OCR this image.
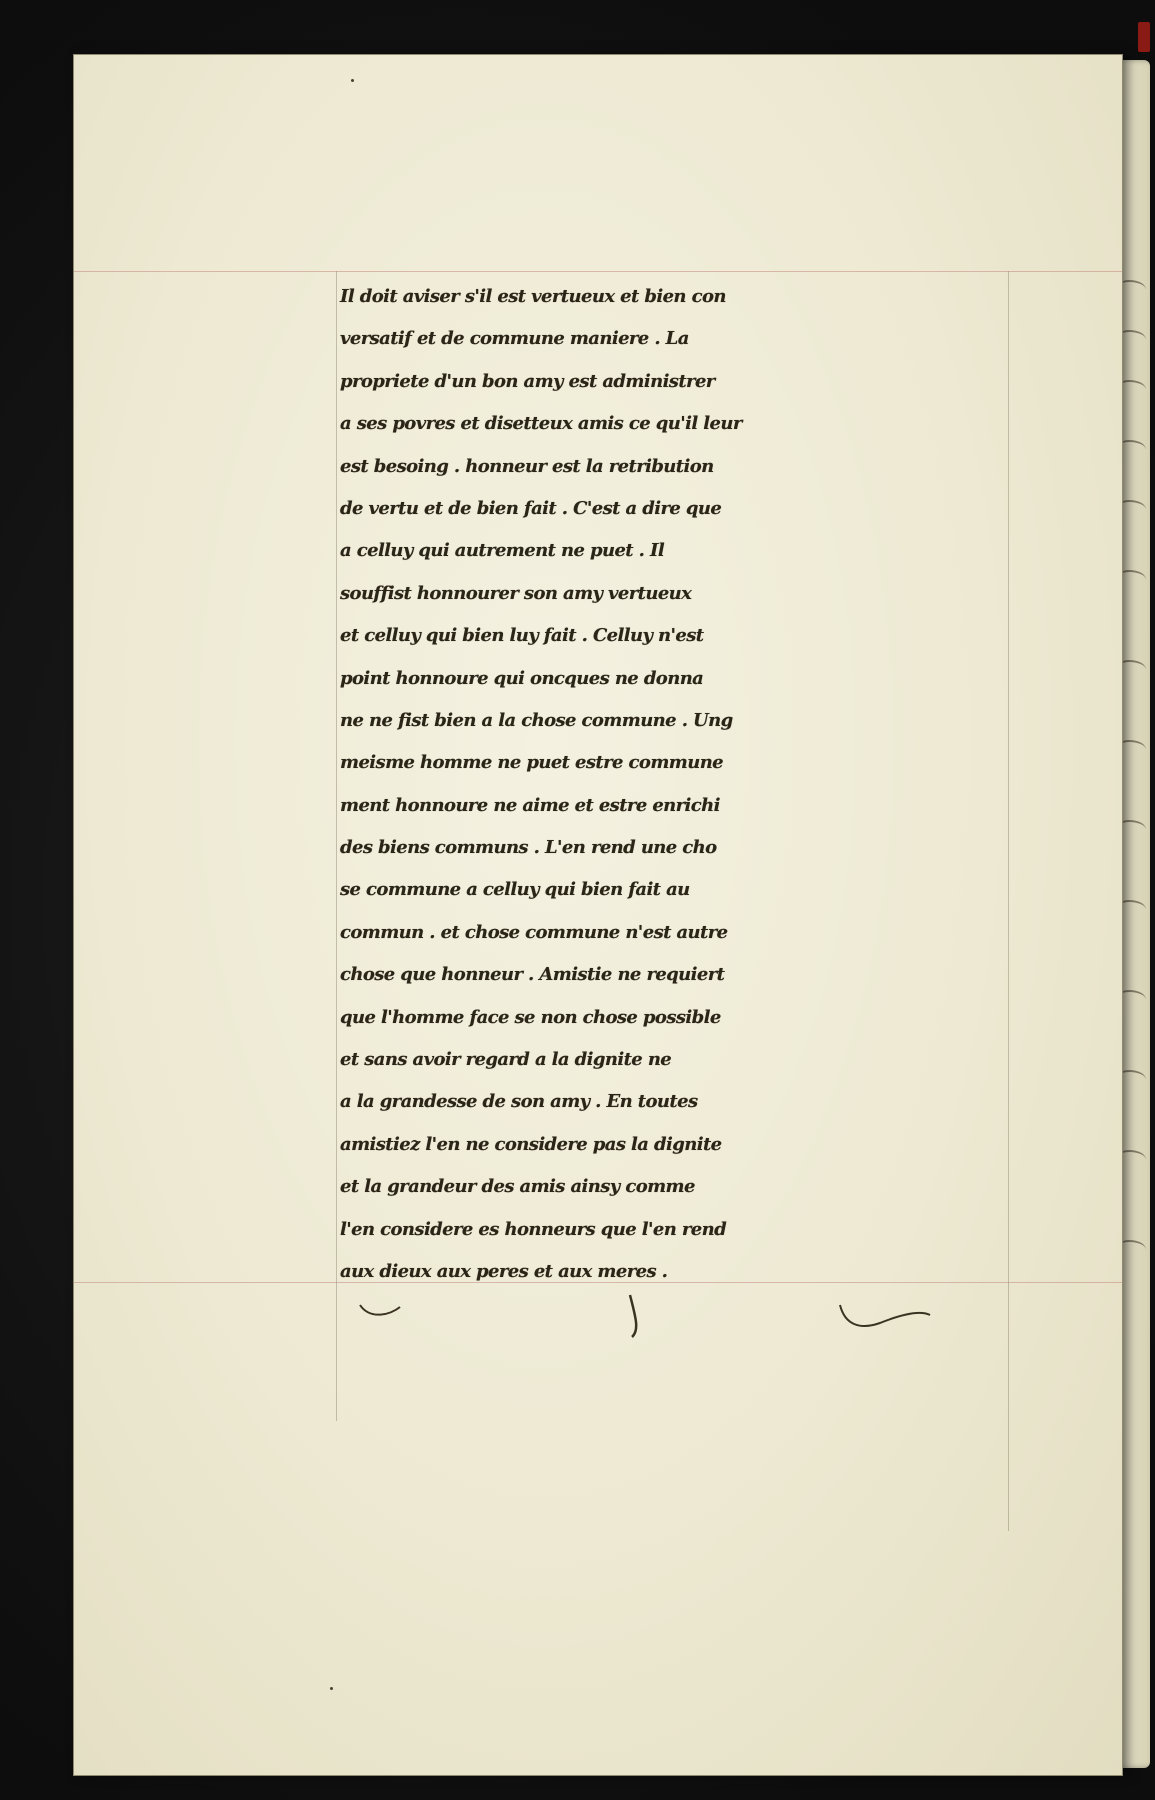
Il doit aviser s'il est vertueux et bien con
versatif et de commune maniere . La
propriete d'un bon amy est administrer
a ses povres et disetteux amis ce qu'il leur
est besoing . honneur est la retribution
de vertu et de bien fait . C'est a dire que
a celluy qui autrement ne puet . Il
souffist honnourer son amy vertueux
et celluy qui bien luy fait . Celluy n'est
point honnoure qui oncques ne donna
ne ne fist bien a la chose commune . Ung
meisme homme ne puet estre commune
ment honnoure ne aime et estre enrichi
des biens communs . L'en rend une cho
se commune a celluy qui bien fait au
commun . et chose commune n'est autre
chose que honneur . Amistie ne requiert
que l'homme face se non chose possible
et sans avoir regard a la dignite ne
a la grandesse de son amy . En toutes
amistiez l'en ne considere pas la dignite
et la grandeur des amis ainsy comme
l'en considere es honneurs que l'en rend
aux dieux aux peres et aux meres .
